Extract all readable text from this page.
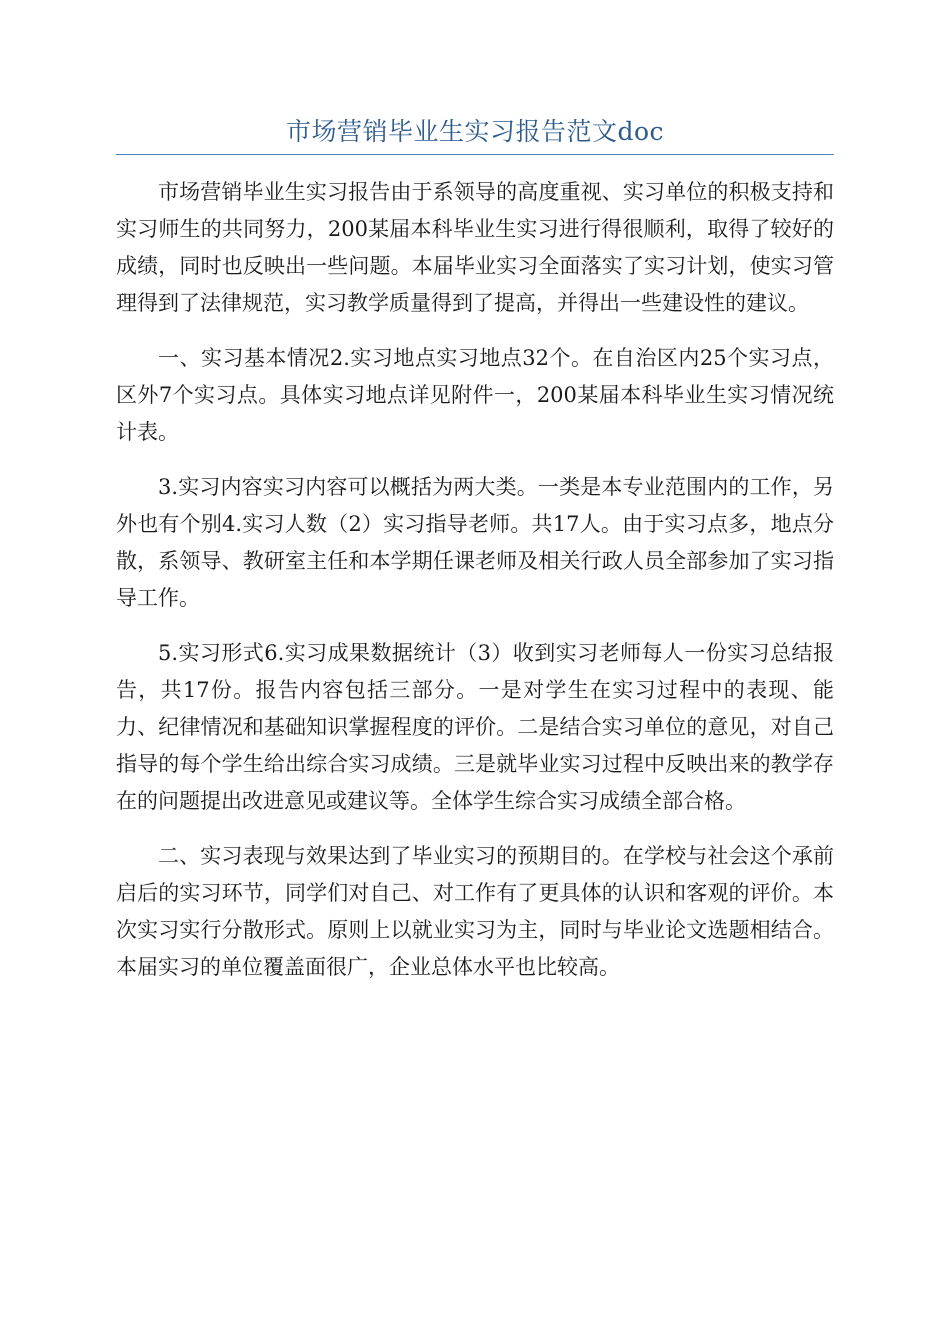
市场营销毕业生实习报告范文doc

市场营销毕业生实习报告由于系领导的高度重视、实习单位的积极支持和实习师生的共同努力，200某届本科毕业生实习进行得很顺利，取得了较好的成绩，同时也反映出一些问题。本届毕业实习全面落实了实习计划，使实习管理得到了法律规范，实习教学质量得到了提高，并得出一些建设性的建议。

一、实习基本情况2.实习地点实习地点32个。在自治区内25个实习点，区外7个实习点。具体实习地点详见附件一，200某届本科毕业生实习情况统计表。

3.实习内容实习内容可以概括为两大类。一类是本专业范围内的工作，另外也有个别4.实习人数（2）实习指导老师。共17人。由于实习点多，地点分散，系领导、教研室主任和本学期任课老师及相关行政人员全部参加了实习指导工作。

5.实习形式6.实习成果数据统计（3）收到实习老师每人一份实习总结报告，共17份。报告内容包括三部分。一是对学生在实习过程中的表现、能力、纪律情况和基础知识掌握程度的评价。二是结合实习单位的意见，对自己指导的每个学生给出综合实习成绩。三是就毕业实习过程中反映出来的教学存在的问题提出改进意见或建议等。全体学生综合实习成绩全部合格。

二、实习表现与效果达到了毕业实习的预期目的。在学校与社会这个承前启后的实习环节，同学们对自己、对工作有了更具体的认识和客观的评价。本次实习实行分散形式。原则上以就业实习为主，同时与毕业论文选题相结合。本届实习的单位覆盖面很广，企业总体水平也比较高。
